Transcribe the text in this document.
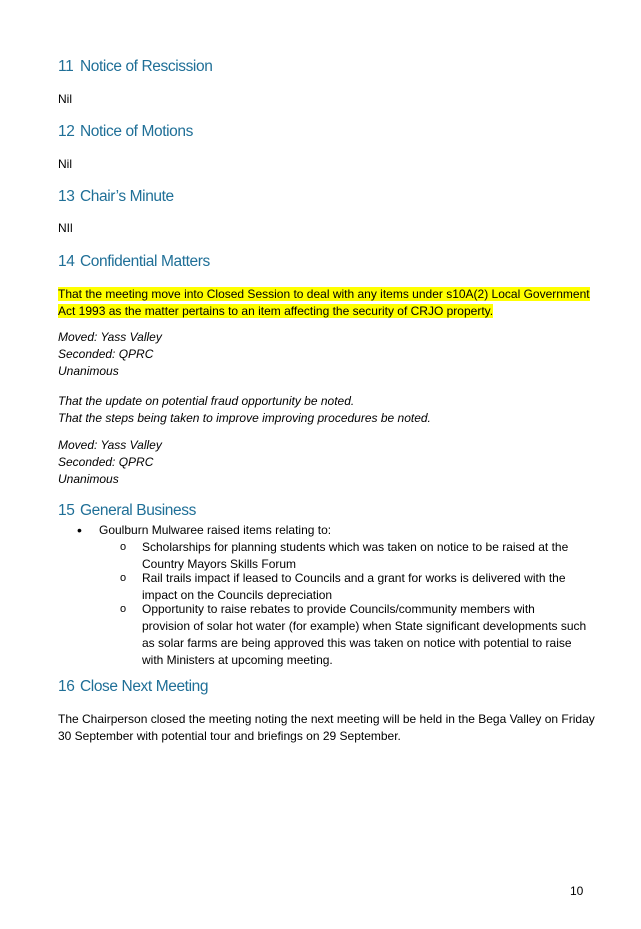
11 Notice of Rescission

Nil

12 Notice of Motions

Nil

13 Chair’s Minute

NIl

14 Confidential Matters

That the meeting move into Closed Session to deal with any items under s10A(2) Local Government

Act 1993 as the matter pertains to an item affecting the security of CRJO property.

Moved: Yass Valley

Seconded: QPRC

Unanimous

That the update on potential fraud opportunity be noted.

That the steps being taken to improve improving procedures be noted.

Moved: Yass Valley

Seconded: QPRC

Unanimous

15 General Business
• Goulburn Mulwaree raised items relating to:

o Scholarships for planning students which was taken on notice to be raised at the

Country Mayors Skills Forum

o Rail trails impact if leased to Councils and a grant for works is delivered with the

impact on the Councils depreciation

o Opportunity to raise rebates to provide Councils/community members with

provision of solar hot water (for example) when State significant developments such

as solar farms are being approved this was taken on notice with potential to raise

with Ministers at upcoming meeting.

16 Close Next Meeting

The Chairperson closed the meeting noting the next meeting will be held in the Bega Valley on Friday

30 September with potential tour and briefings on 29 September.

10
